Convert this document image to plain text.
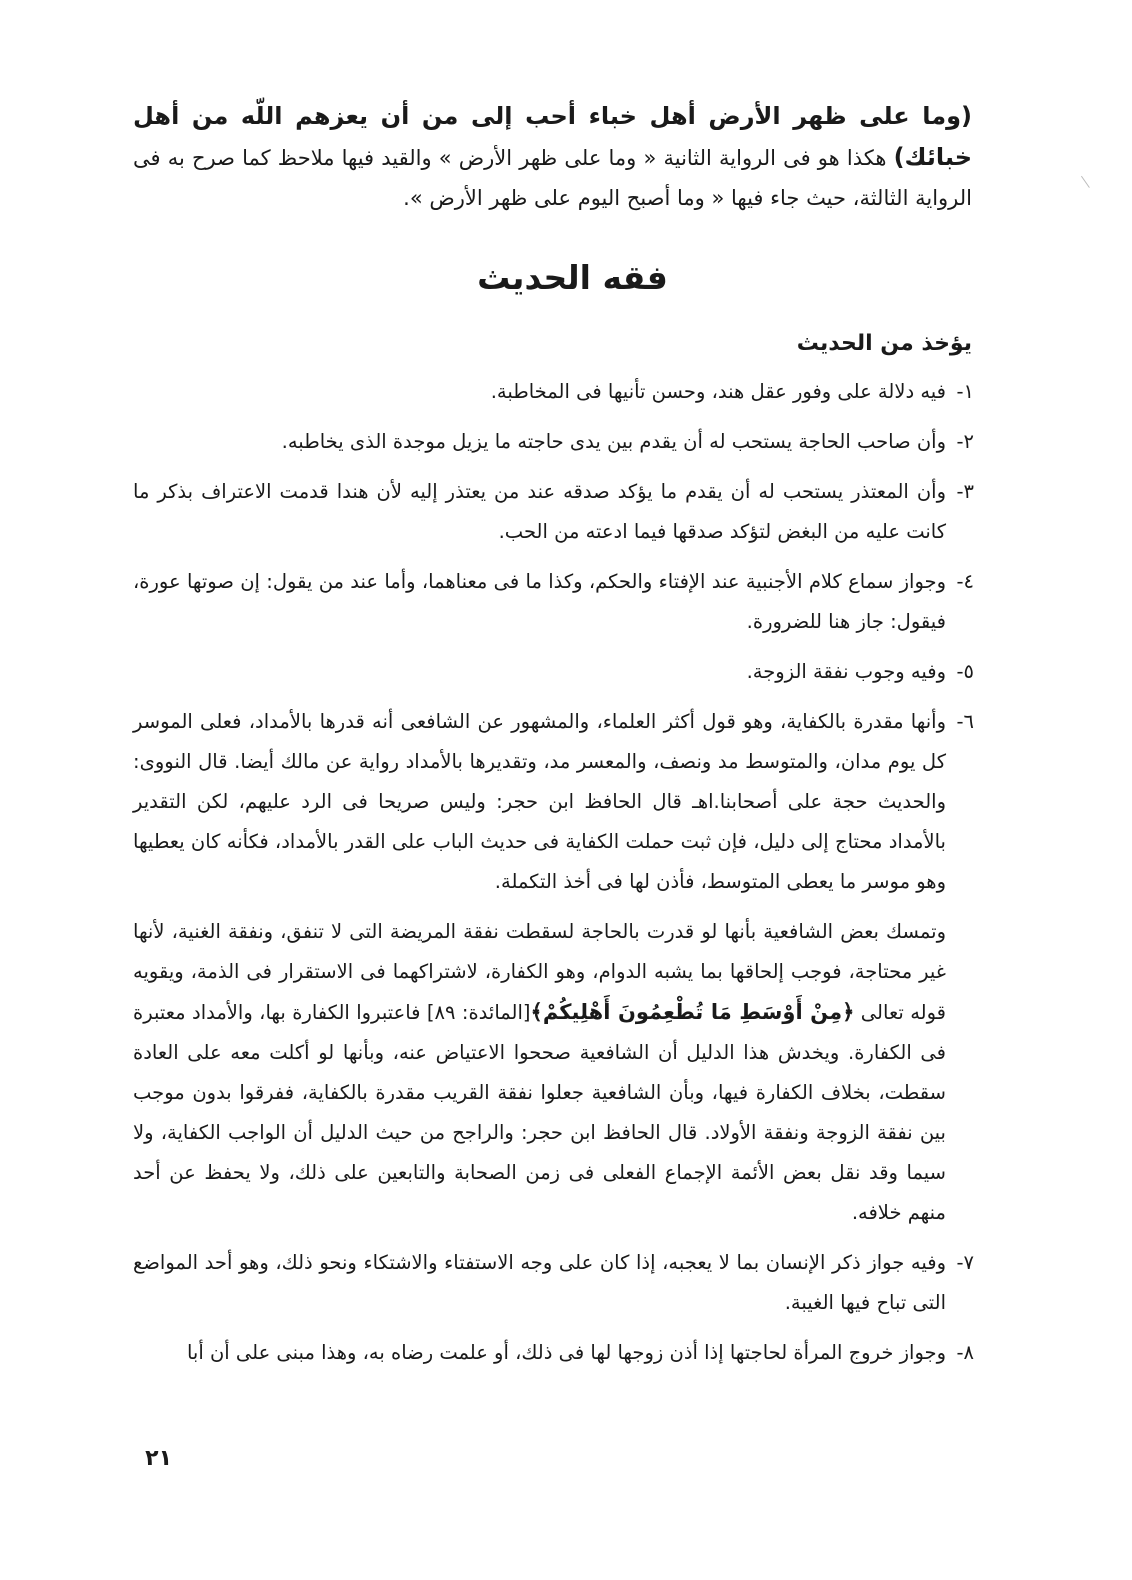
(وما على ظهر الأرض أهل خباء أحب إلى من أن يعزهم اللّه من أهل خبائك) هكذا هو فى الرواية الثانية « وما على ظهر الأرض » والقيد فيها ملاحظ كما صرح به فى الرواية الثالثة، حيث جاء فيها « وما أصبح اليوم على ظهر الأرض ».

فقه الحديث
يؤخذ من الحديث
١-
فيه دلالة على وفور عقل هند، وحسن تأنيها فى المخاطبة.
٢-
وأن صاحب الحاجة يستحب له أن يقدم بين يدى حاجته ما يزيل موجدة الذى يخاطبه.
٣-
وأن المعتذر يستحب له أن يقدم ما يؤكد صدقه عند من يعتذر إليه لأن هندا قدمت الاعتراف بذكر ما كانت عليه من البغض لتؤكد صدقها فيما ادعته من الحب.
٤-
وجواز سماع كلام الأجنبية عند الإفتاء والحكم، وكذا ما فى معناهما، وأما عند من يقول: إن صوتها عورة، فيقول: جاز هنا للضرورة.
٥-
وفيه وجوب نفقة الزوجة.
٦-
وأنها مقدرة بالكفاية، وهو قول أكثر العلماء، والمشهور عن الشافعى أنه قدرها بالأمداد، فعلى الموسر كل يوم مدان، والمتوسط مد ونصف، والمعسر مد، وتقديرها بالأمداد رواية عن مالك أيضا. قال النووى: والحديث حجة على أصحابنا.اهـ قال الحافظ ابن حجر: وليس صريحا فى الرد عليهم، لكن التقدير بالأمداد محتاج إلى دليل، فإن ثبت حملت الكفاية فى حديث الباب على القدر بالأمداد، فكأنه كان يعطيها وهو موسر ما يعطى المتوسط، فأذن لها فى أخذ التكملة.

وتمسك بعض الشافعية بأنها لو قدرت بالحاجة لسقطت نفقة المريضة التى لا تنفق، ونفقة الغنية، لأنها غير محتاجة، فوجب إلحاقها بما يشبه الدوام، وهو الكفارة، لاشتراكهما فى الاستقرار فى الذمة، ويقويه قوله تعالى ﴿مِنْ أَوْسَطِ مَا تُطْعِمُونَ أَهْلِيكُمْ﴾[المائدة: ٨٩] فاعتبروا الكفارة بها، والأمداد معتبرة فى الكفارة. ويخدش هذا الدليل أن الشافعية صححوا الاعتياض عنه، وبأنها لو أكلت معه على العادة سقطت، بخلاف الكفارة فيها، وبأن الشافعية جعلوا نفقة القريب مقدرة بالكفاية، ففرقوا بدون موجب بين نفقة الزوجة ونفقة الأولاد. قال الحافظ ابن حجر: والراجح من حيث الدليل أن الواجب الكفاية، ولا سيما وقد نقل بعض الأئمة الإجماع الفعلى فى زمن الصحابة والتابعين على ذلك، ولا يحفظ عن أحد منهم خلافه.

٧-
وفيه جواز ذكر الإنسان بما لا يعجبه، إذا كان على وجه الاستفتاء والاشتكاء ونحو ذلك، وهو أحد المواضع التى تباح فيها الغيبة.
٨-
وجواز خروج المرأة لحاجتها إذا أذن زوجها لها فى ذلك، أو علمت رضاه به، وهذا مبنى على أن أبا
٢١
